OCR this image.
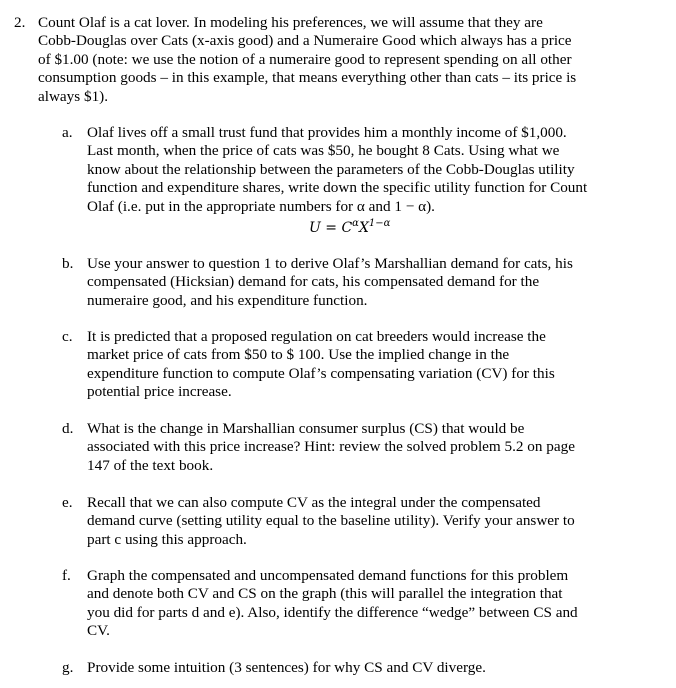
2. Count Olaf is a cat lover. In modeling his preferences, we will assume that they are
Cobb-Douglas over Cats (x-axis good) and a Numeraire Good which always has a price
of $1.00 (note: we use the notion of a numeraire good to represent spending on all other
consumption goods – in this example, that means everything other than cats – its price is
always $1).
a. Olaf lives off a small trust fund that provides him a monthly income of $1,000.
Last month, when the price of cats was $50, he bought 8 Cats. Using what we
know about the relationship between the parameters of the Cobb-Douglas utility
function and expenditure shares, write down the specific utility function for Count
Olaf (i.e. put in the appropriate numbers for α and 1 − α).
$U = C^\alpha X^{1-\alpha}$
b. Use your answer to question 1 to derive Olaf’s Marshallian demand for cats, his
compensated (Hicksian) demand for cats, his compensated demand for the
numeraire good, and his expenditure function.
c. It is predicted that a proposed regulation on cat breeders would increase the
market price of cats from $50 to $ 100. Use the implied change in the
expenditure function to compute Olaf’s compensating variation (CV) for this
potential price increase.
d. What is the change in Marshallian consumer surplus (CS) that would be
associated with this price increase? Hint: review the solved problem 5.2 on page
147 of the text book.
e. Recall that we can also compute CV as the integral under the compensated
demand curve (setting utility equal to the baseline utility). Verify your answer to
part c using this approach.
f. Graph the compensated and uncompensated demand functions for this problem
and denote both CV and CS on the graph (this will parallel the integration that
you did for parts d and e). Also, identify the difference “wedge” between CS and
CV.
g. Provide some intuition (3 sentences) for why CS and CV diverge.
